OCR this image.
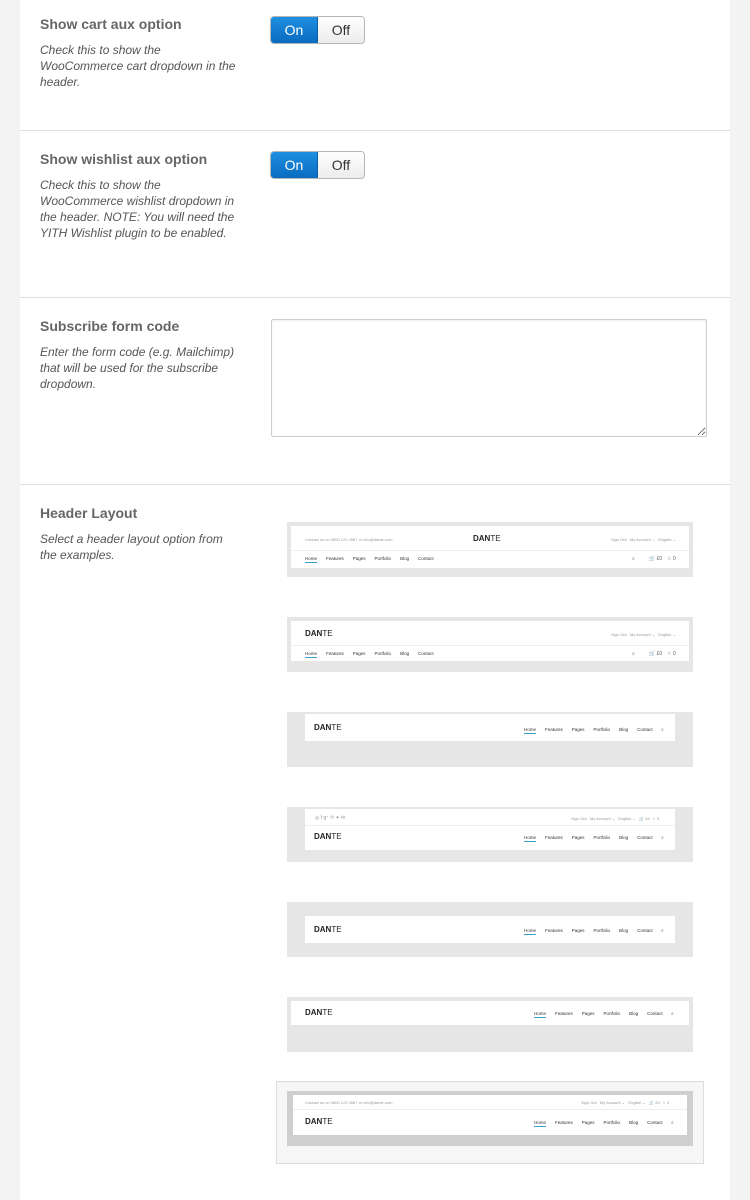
Show cart aux option
Check this to show the WooCommerce cart dropdown in the header.
On	Off
Show wishlist aux option
Check this to show the WooCommerce wishlist dropdown in the header. NOTE: You will need the YITH Wishlist plugin to be enabled.
On	Off
Subscribe form code
Enter the form code (e.g. Mailchimp) that will be used for the subscribe dropdown.
Header Layout
Select a header layout option from the examples.
Contact us on 0800 123 4567 or info@dante.com	DANTE	Sign Out My Account ⌄ English ⌄
Home Features Pages Portfolio Blog Contact	⌕	🛒 £0 ☆ 0
DANTE	Sign Out My Account ⌄ English ⌄
Home Features Pages Portfolio Blog Contact	⌕	🛒 £0 ☆ 0
DANTE	Home Features Pages Portfolio Blog Contact ⌕
◎ f g⁺ ℗ ✦ ✉	Sign Out My Account ⌄ English ⌄ 🛒 £0 ☆ 0
DANTE	Home Features Pages Portfolio Blog Contact ⌕
DANTE	Home Features Pages Portfolio Blog Contact ⌕
DANTE	Home Features Pages Portfolio Blog Contact ⌕
Contact us on 0800 123 4567 or info@dante.com	Sign Out My Account ⌄ English ⌄ 🛒 £0 ☆ 0
DANTE	Home Features Pages Portfolio Blog Contact ⌕
